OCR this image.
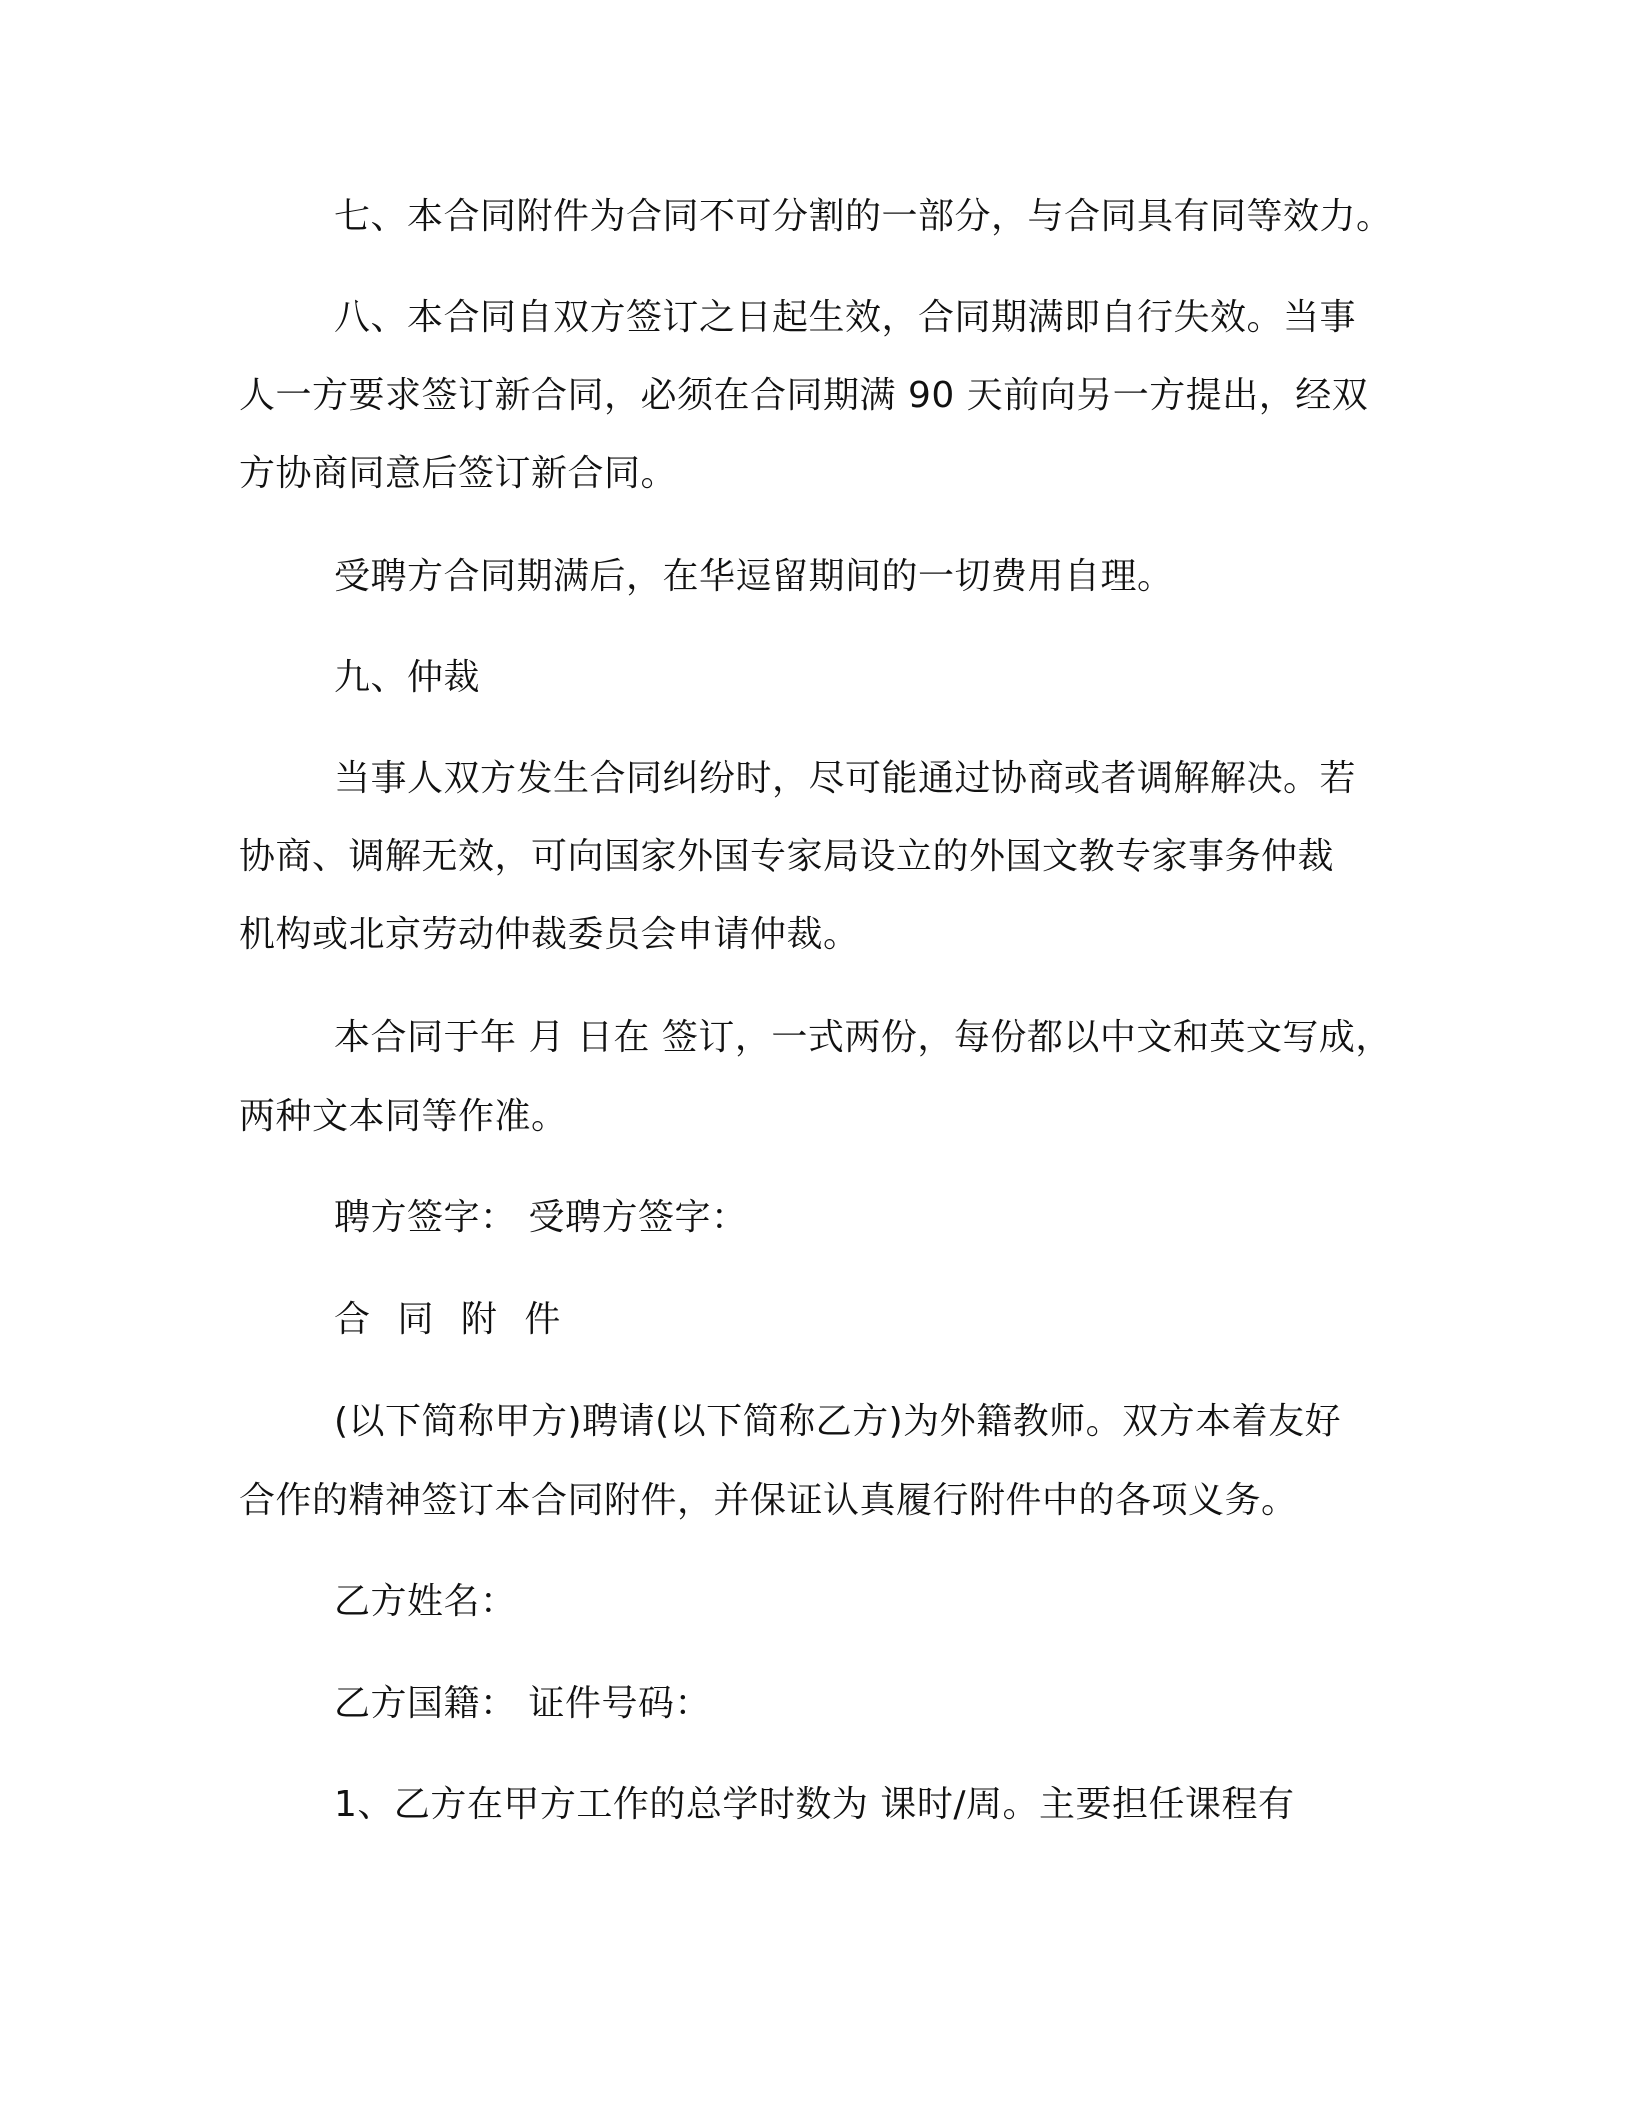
七、本合同附件为合同不可分割的一部分，与合同具有同等效力。
八、本合同自双方签订之日起生效，合同期满即自行失效。当事
人一方要求签订新合同，必须在合同期满 90 天前向另一方提出，经双
方协商同意后签订新合同。
受聘方合同期满后，在华逗留期间的一切费用自理。
九、仲裁
当事人双方发生合同纠纷时，尽可能通过协商或者调解解决。若
协商、调解无效，可向国家外国专家局设立的外国文教专家事务仲裁
机构或北京劳动仲裁委员会申请仲裁。
本合同于年 月 日在 签订，一式两份，每份都以中文和英文写成，
两种文本同等作准。
聘方签字： 受聘方签字：
合 同 附 件
(以下简称甲方)聘请(以下简称乙方)为外籍教师。双方本着友好
合作的精神签订本合同附件，并保证认真履行附件中的各项义务。
乙方姓名：
乙方国籍： 证件号码：
1、乙方在甲方工作的总学时数为 课时/周。主要担任课程有
